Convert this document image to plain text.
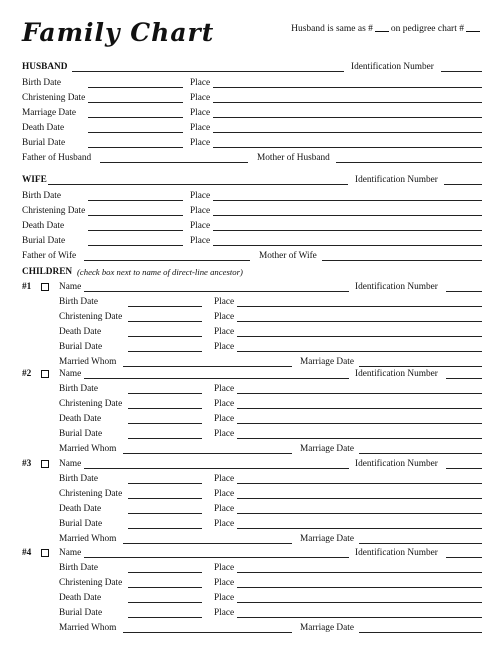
Family Chart	Husband is same as # on pedigree chart #
HUSBAND	Identification Number
Birth Date	Place
Christening Date	Place
Marriage Date	Place
Death Date	Place
Burial Date	Place
Father of Husband	Mother of Husband
WIFE	Identification Number
Birth Date	Place
Christening Date	Place
Death Date	Place
Burial Date	Place
Father of Wife	Mother of Wife
CHILDREN (check box next to name of direct-line ancestor)
#1	Name	Identification Number
Birth Date	Place
Christening Date	Place
Death Date	Place
Burial Date	Place
Married Whom	Marriage Date
#2	Name	Identification Number
Birth Date	Place
Christening Date	Place
Death Date	Place
Burial Date	Place
Married Whom	Marriage Date
#3	Name	Identification Number
Birth Date	Place
Christening Date	Place
Death Date	Place
Burial Date	Place
Married Whom	Marriage Date
#4	Name	Identification Number
Birth Date	Place
Christening Date	Place
Death Date	Place
Burial Date	Place
Married Whom	Marriage Date
